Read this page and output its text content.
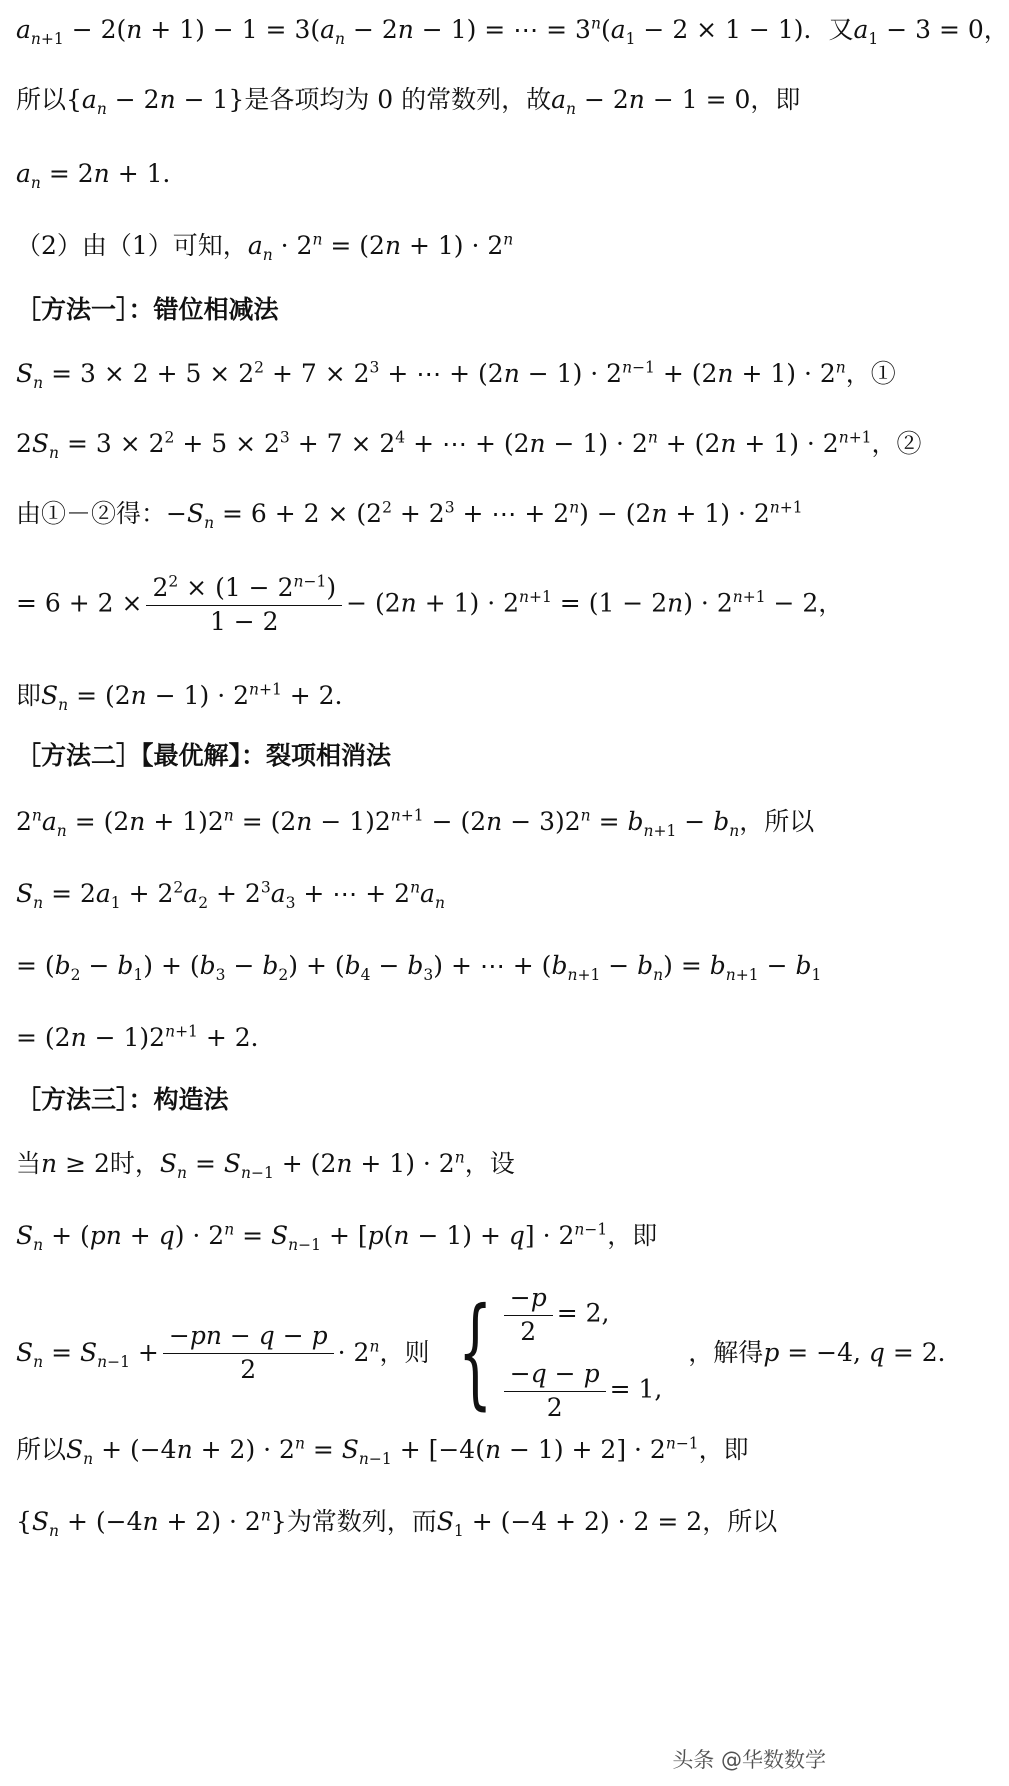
$a_{n+1} - 2(n + 1) - 1 = 3(a_n - 2n - 1)$ = ⋯ = $3^n(a_1 - 2 \times 1 - 1)$．又$a_1 - 3 = 0$，
所以$\{a_n - 2n - 1\}$是各项均为 0 的常数列，故$a_n - 2n - 1 = 0$，即
$a_n = 2n + 1$．
（2）由（1）可知，$a_n \cdot 2^n = (2n + 1) \cdot 2^n$
［方法一］：错位相减法
$S_n = 3 \times 2 + 5 \times 2^2 + 7 \times 2^3$ + ⋯ + $(2n - 1) \cdot 2^{n-1} + (2n + 1) \cdot 2^n$，①
$2S_n = 3 \times 2^2 + 5 \times 2^3 + 7 \times 2^4$ + ⋯ + $(2n - 1) \cdot 2^n + (2n + 1) \cdot 2^{n+1}$，②
由①－②得：$-S_n = 6 + 2 \times (2^2 + 2^3$ + ⋯ + $2^n) - (2n + 1) \cdot 2^{n+1}$
= $6 + 2 \times \frac{2^2 \times (1 - 2^{n-1})}{1 - 2} - (2n + 1) \cdot 2^{n+1} = (1 - 2n) \cdot 2^{n+1} - 2$，
即$S_n = (2n - 1) \cdot 2^{n+1} + 2$．
［方法二］【最优解】：裂项相消法
$2^na_n = (2n + 1)2^n = (2n - 1)2^{n+1} - (2n - 3)2^n = b_{n+1} - b_n$，所以
$S_n = 2a_1 + 2^2a_2 + 2^3a_3$ + ⋯ + $2^na_n$
= $(b_2 - b_1) + (b_3 - b_2) + (b_4 - b_3)$ + ⋯ + $(b_{n+1} - b_n) = b_{n+1} - b_1$
= $(2n - 1)2^{n+1} + 2$．
［方法三］：构造法
当n ≥ 2时，$S_n = S_{n-1} + (2n + 1) \cdot 2^n$，设
$S_n + (pn + q) \cdot 2^n = S_{n-1} + [p(n - 1) + q] \cdot 2^{n-1}$，即
$S_n = S_{n-1} + \frac{-pn - q - p}{2} \cdot 2^n$，则 { $\frac{-p}{2} = 2$,
$\frac{-q - p}{2} = 1$,
，解得p = −4, q = 2．
所以$S_n + (-4n + 2) \cdot 2^n = S_{n-1} + [-4(n - 1) + 2] \cdot 2^{n-1}$，即
$\{S_n + (-4n + 2) \cdot 2^n\}$为常数列，而$S_1 + (-4 + 2) \cdot 2 = 2$，所以
头条 @华数数学
